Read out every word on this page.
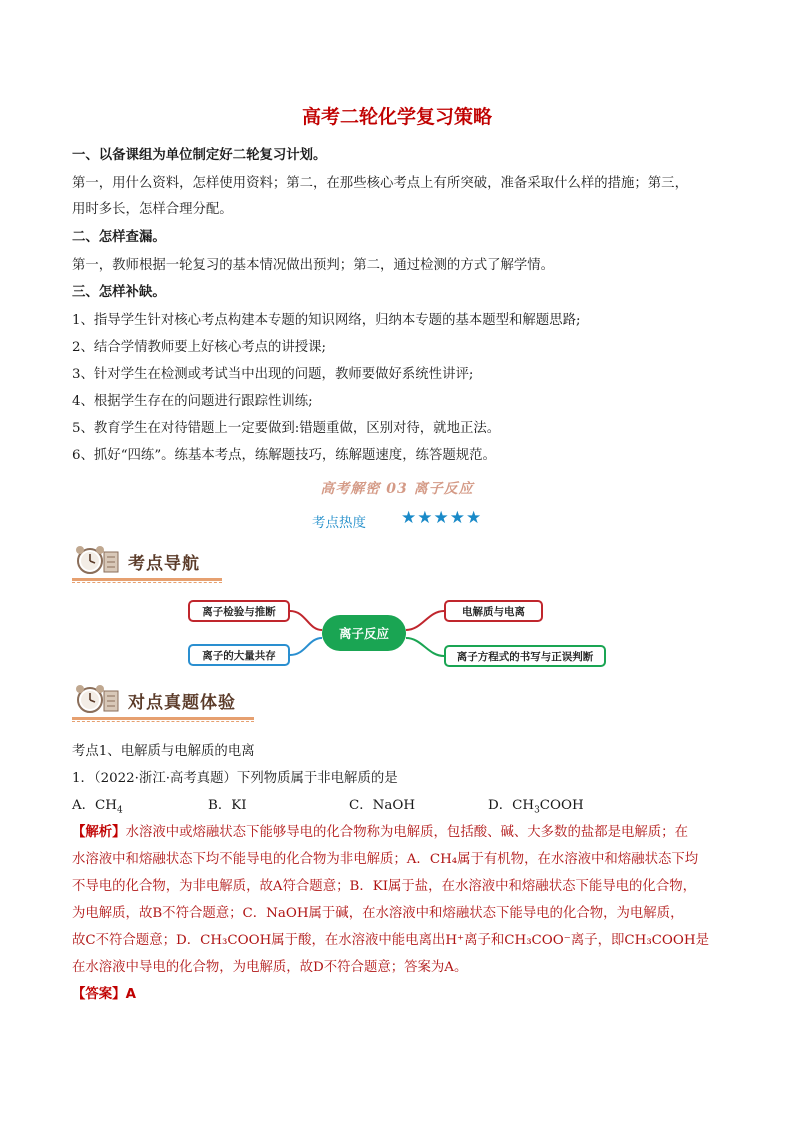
高考二轮化学复习策略
一、以备课组为单位制定好二轮复习计划。
第一，用什么资料，怎样使用资料；第二，在那些核心考点上有所突破，准备采取什么样的措施；第三，
用时多长，怎样合理分配。
二、怎样查漏。
第一，教师根据一轮复习的基本情况做出预判；第二，通过检测的方式了解学情。
三、怎样补缺。
1、指导学生针对核心考点构建本专题的知识网络，归纳本专题的基本题型和解题思路;
2、结合学情教师要上好核心考点的讲授课;
3、针对学生在检测或考试当中出现的问题，教师要做好系统性讲评;
4、根据学生存在的问题进行跟踪性训练;
5、教育学生在对待错题上一定要做到:错题重做，区别对待，就地正法。
6、抓好“四练”。练基本考点，练解题技巧，练解题速度，练答题规范。
高考解密 03 离子反应
考点热度 ★★★★★
考点导航
离子检验与推断
离子的大量共存
电解质与电离
离子方程式的书写与正误判断
离子反应
对点真题体验
考点1、电解质与电解质的电离
1．（2022·浙江·高考真题）下列物质属于非电解质的是
A．$CH_4$	B．KI	C．NaOH	D．$CH_3COOH$
【解析】水溶液中或熔融状态下能够导电的化合物称为电解质，包括酸、碱、大多数的盐都是电解质；在
水溶液中和熔融状态下均不能导电的化合物为非电解质；A．CH₄属于有机物，在水溶液中和熔融状态下均
不导电的化合物，为非电解质，故A符合题意；B．KI属于盐，在水溶液中和熔融状态下能导电的化合物，
为电解质，故B不符合题意；C．NaOH属于碱，在水溶液中和熔融状态下能导电的化合物，为电解质，
故C不符合题意；D．CH₃COOH属于酸，在水溶液中能电离出H⁺离子和CH₃COO⁻离子，即CH₃COOH是
在水溶液中导电的化合物，为电解质，故D不符合题意；答案为A。
【答案】A
